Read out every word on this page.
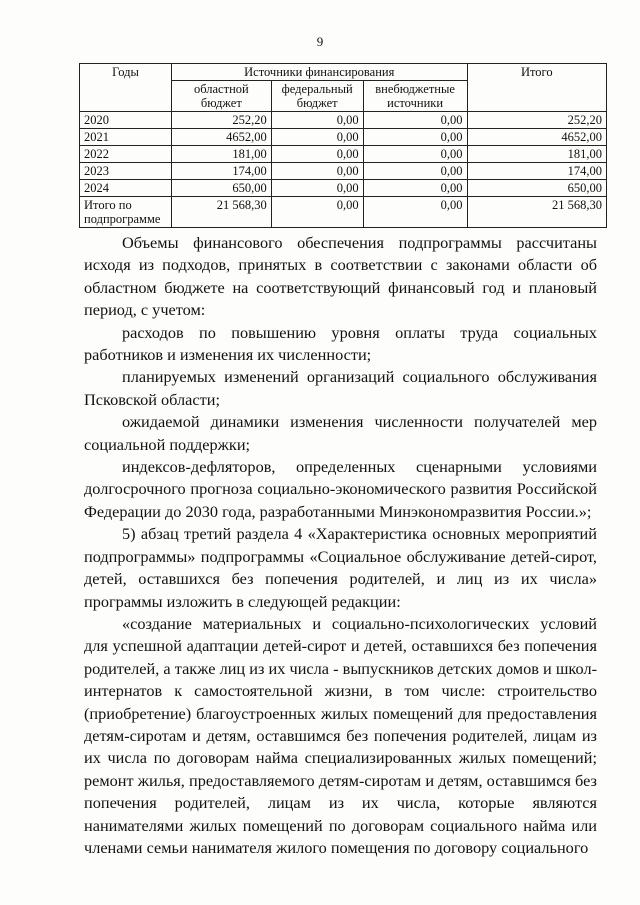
9
Годы	Источники финансирования			Итого
	областной бюджет	федеральный бюджет	внебюджетные источники	
2020	252,20	0,00	0,00	252,20
2021	4652,00	0,00	0,00	4652,00
2022	181,00	0,00	0,00	181,00
2023	174,00	0,00	0,00	174,00
2024	650,00	0,00	0,00	650,00
Итого по подпрограмме	21 568,30	0,00	0,00	21 568,30

Объемы финансового обеспечения подпрограммы рассчитаны исходя из подходов, принятых в соответствии с законами области об областном бюджете на соответствующий финансовый год и плановый период, с учетом:

расходов по повышению уровня оплаты труда социальных работников и изменения их численности;

планируемых изменений организаций социального обслуживания Псковской области;

ожидаемой динамики изменения численности получателей мер социальной поддержки;

индексов-дефляторов, определенных сценарными условиями долгосрочного прогноза социально-экономического развития Российской Федерации до 2030 года, разработанными Минэкономразвития России.»;

5) абзац третий раздела 4 «Характеристика основных мероприятий подпрограммы» подпрограммы «Социальное обслуживание детей-сирот, детей, оставшихся без попечения родителей, и лиц из их числа» программы изложить в следующей редакции:

«создание материальных и социально-психологических условий для успешной адаптации детей-сирот и детей, оставшихся без попечения родителей, а также лиц из их числа - выпускников детских домов и школ-интернатов к самостоятельной жизни, в том числе: строительство (приобретение) благоустроенных жилых помещений для предоставления детям-сиротам и детям, оставшимся без попечения родителей, лицам из их числа по договорам найма специализированных жилых помещений; ремонт жилья, предоставляемого детям-сиротам и детям, оставшимся без попечения родителей, лицам из их числа, которые являются нанимателями жилых помещений по договорам социального найма или членами семьи нанимателя жилого помещения по договору социального
